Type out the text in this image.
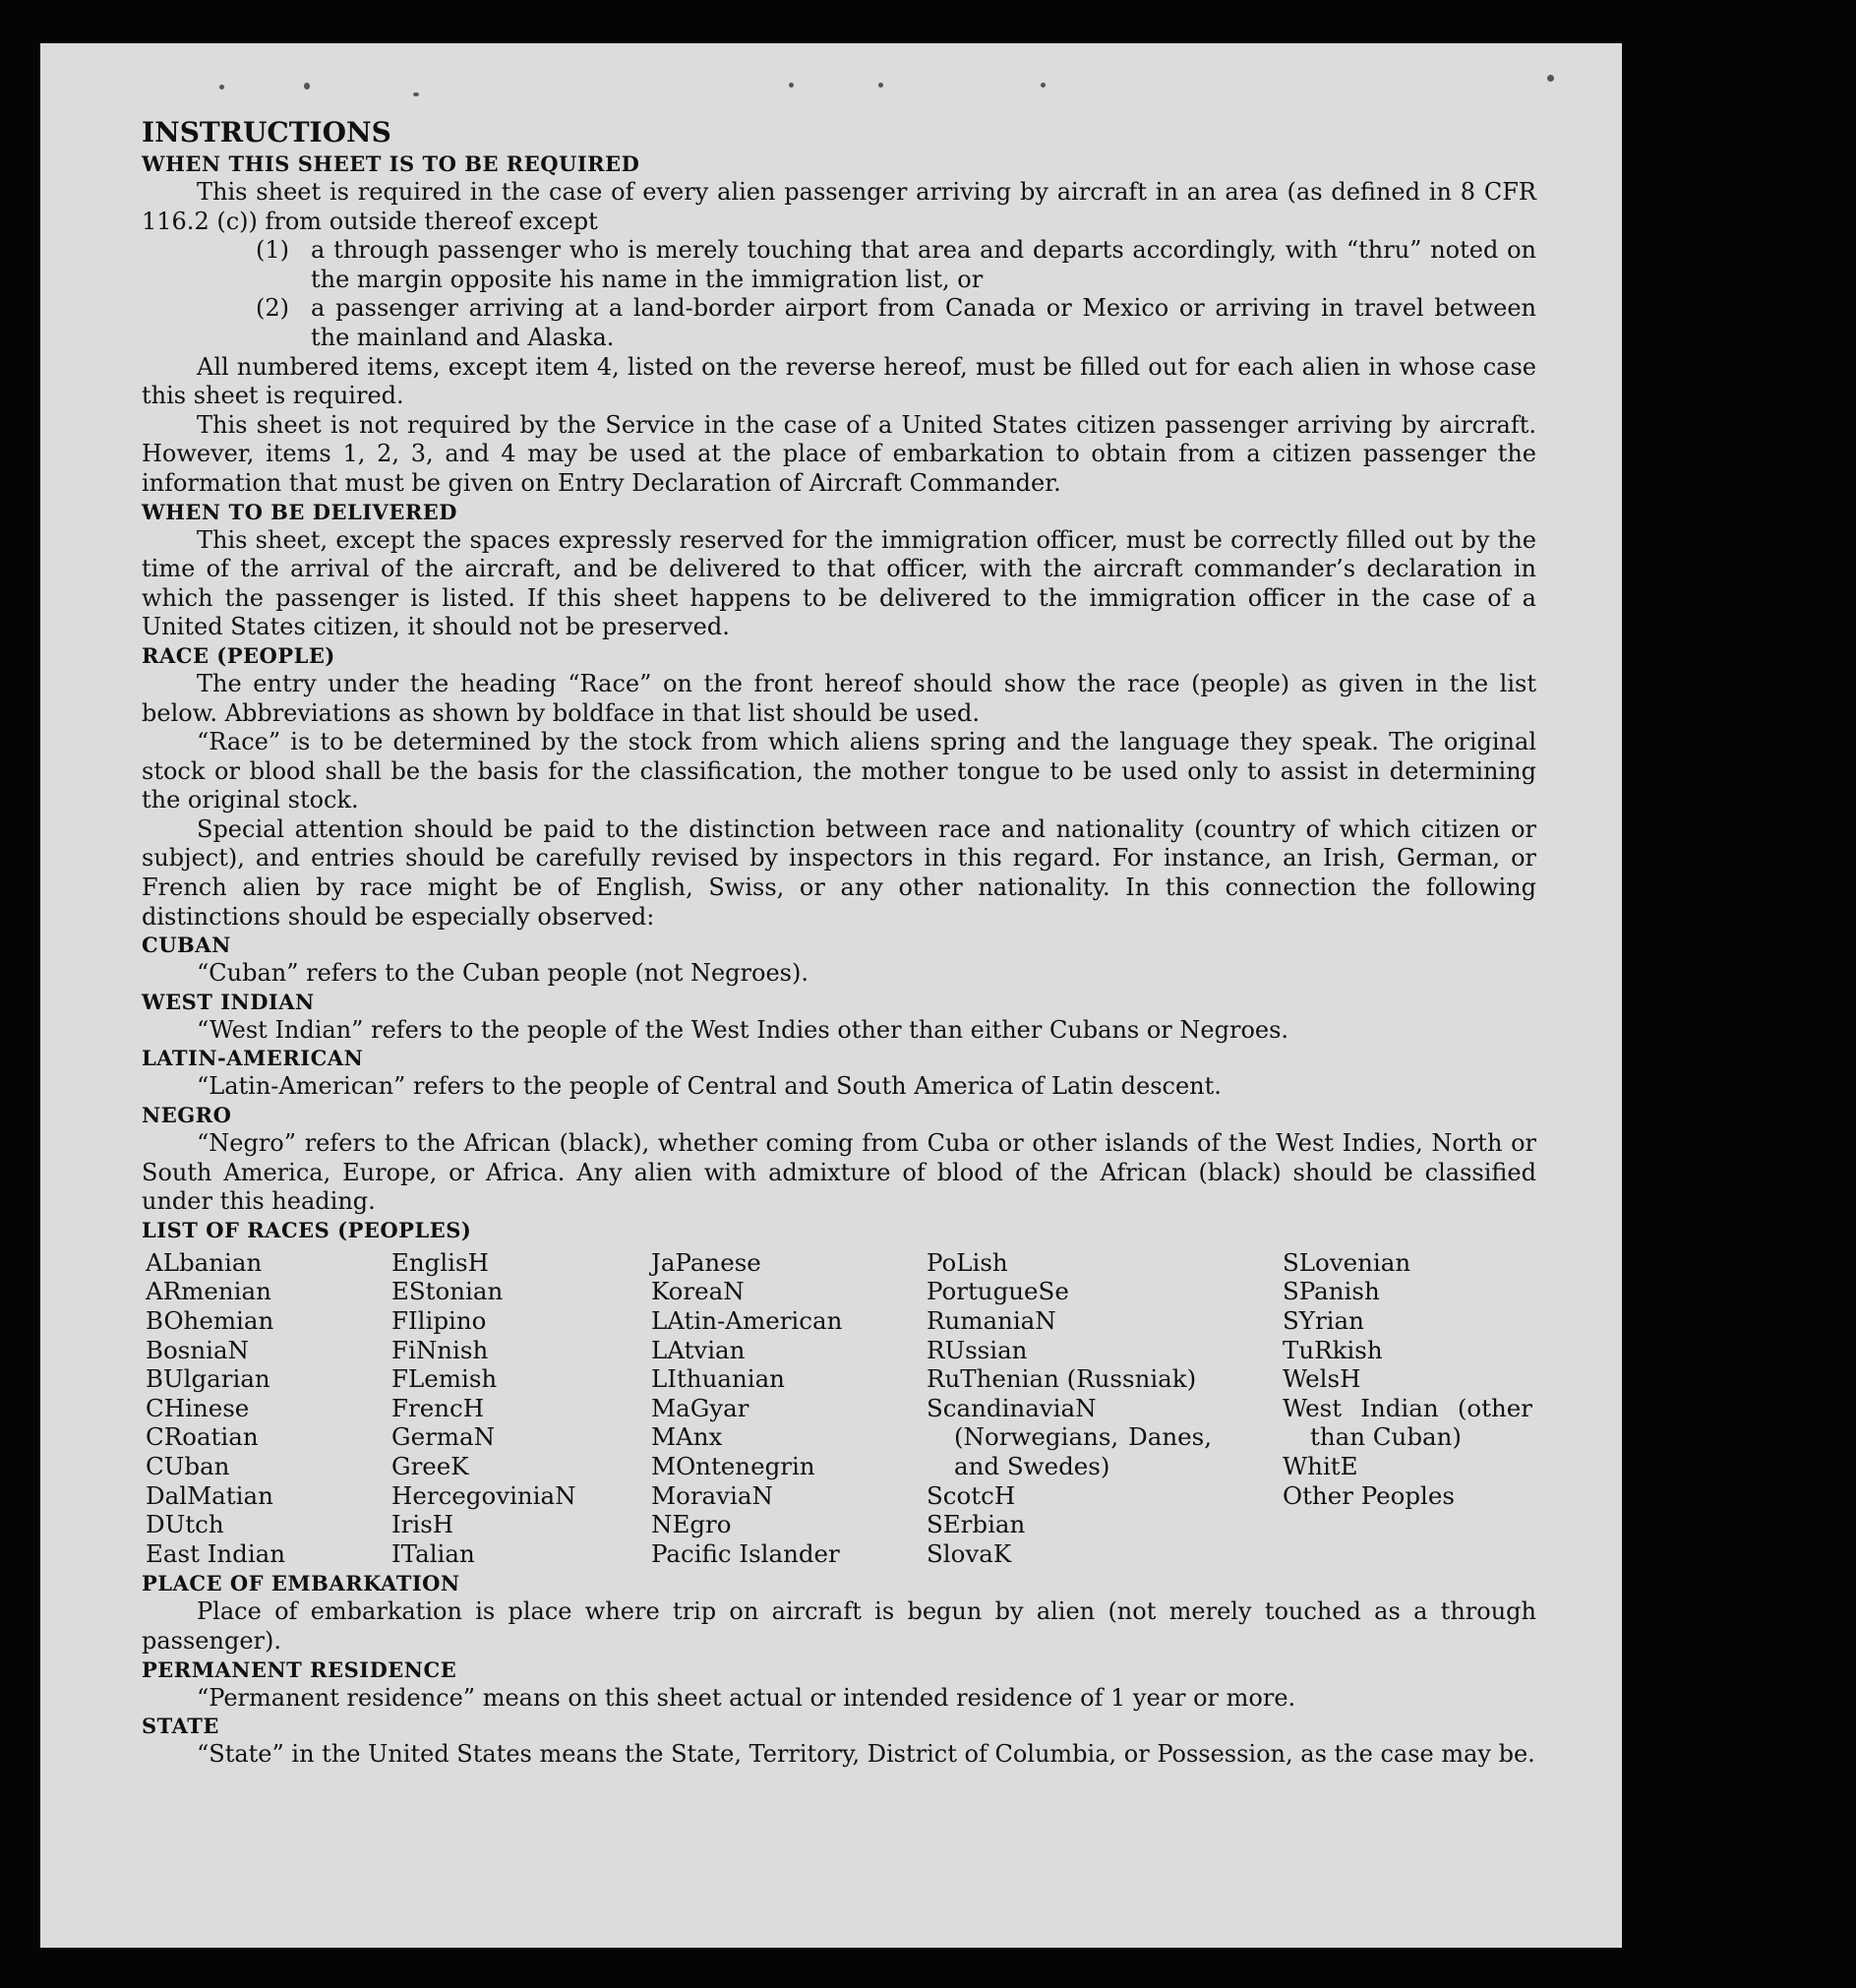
INSTRUCTIONS

WHEN THIS SHEET IS TO BE REQUIRED

This sheet is required in the case of every alien passenger arriving by aircraft in an area (as defined in 8 CFR 116.2 (c)) from outside thereof except

(1) a through passenger who is merely touching that area and departs accordingly, with “thru” noted on the margin opposite his name in the immigration list, or
(2) a passenger arriving at a land-border airport from Canada or Mexico or arriving in travel between the mainland and Alaska.

All numbered items, except item 4, listed on the reverse hereof, must be filled out for each alien in whose case this sheet is required.

This sheet is not required by the Service in the case of a United States citizen passenger arriving by aircraft. However, items 1, 2, 3, and 4 may be used at the place of embarkation to obtain from a citizen passenger the information that must be given on Entry Declaration of Aircraft Commander.

WHEN TO BE DELIVERED

This sheet, except the spaces expressly reserved for the immigration officer, must be correctly filled out by the time of the arrival of the aircraft, and be delivered to that officer, with the aircraft commander’s declaration in which the passenger is listed. If this sheet happens to be delivered to the immigration officer in the case of a United States citizen, it should not be preserved.

RACE (PEOPLE)

The entry under the heading “Race” on the front hereof should show the race (people) as given in the list below. Abbreviations as shown by boldface in that list should be used.

“Race” is to be determined by the stock from which aliens spring and the language they speak. The original stock or blood shall be the basis for the classification, the mother tongue to be used only to assist in determining the original stock.

Special attention should be paid to the distinction between race and nationality (country of which citizen or subject), and entries should be carefully revised by inspectors in this regard. For instance, an Irish, German, or French alien by race might be of English, Swiss, or any other nationality. In this connection the following distinctions should be especially observed:

CUBAN

“Cuban” refers to the Cuban people (not Negroes).

WEST INDIAN

“West Indian” refers to the people of the West Indies other than either Cubans or Negroes.

LATIN-AMERICAN

“Latin-American” refers to the people of Central and South America of Latin descent.

NEGRO

“Negro” refers to the African (black), whether coming from Cuba or other islands of the West Indies, North or South America, Europe, or Africa. Any alien with admixture of blood of the African (black) should be classified under this heading.

LIST OF RACES (PEOPLES)

ALbanian
ARmenian
BOhemian
BosniaN
BUlgarian
CHinese
CRoatian
CUban
DalMatian
DUtch
East Indian
EnglisH
EStonian
FIlipino
FiNnish
FLemish
FrencH
GermaN
GreeK
HercegoviniaN
IrisH
ITalian
JaPanese
KoreaN
LAtin-American
LAtvian
LIthuanian
MaGyar
MAnx
MOntenegrin
MoraviaN
NEgro
Pacific Islander
PoLish
PortugueSe
RumaniaN
RUssian
RuThenian (Russniak)
ScandinaviaN (Norwegians, Danes, and Swedes)
ScotcH
SErbian
SlovaK
SLovenian
SPanish
SYrian
TuRkish
WelsH
West Indian (other than Cuban)
WhitE
Other Peoples

PLACE OF EMBARKATION

Place of embarkation is place where trip on aircraft is begun by alien (not merely touched as a through passenger).

PERMANENT RESIDENCE

“Permanent residence” means on this sheet actual or intended residence of 1 year or more.

STATE

“State” in the United States means the State, Territory, District of Columbia, or Possession, as the case may be.
